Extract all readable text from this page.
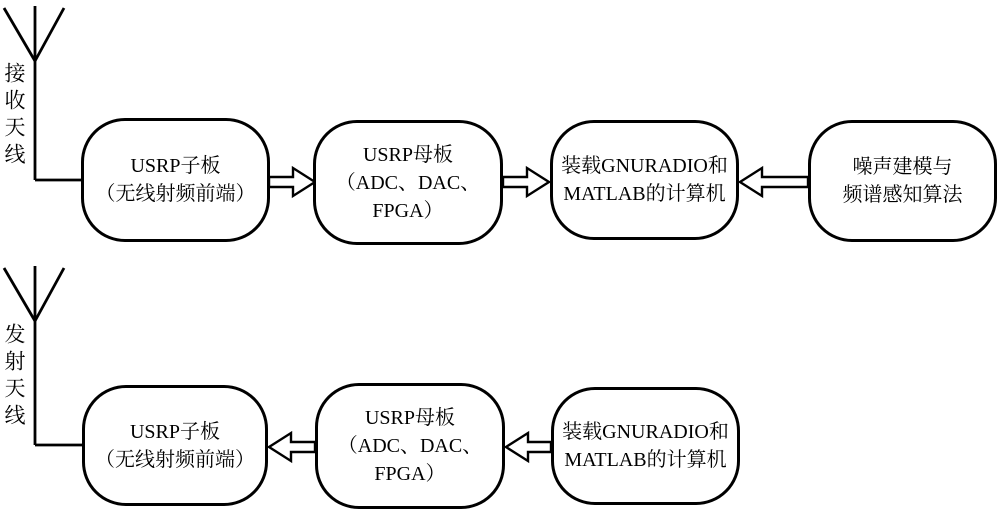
接收天线
发射天线
USRP子板
（无线射频前端）
USRP母板
（ADC、DAC、
FPGA）
装载GNURADIO和
MATLAB的计算机
噪声建模与
频谱感知算法
USRP子板
（无线射频前端）
USRP母板
（ADC、DAC、
FPGA）
装载GNURADIO和
MATLAB的计算机
